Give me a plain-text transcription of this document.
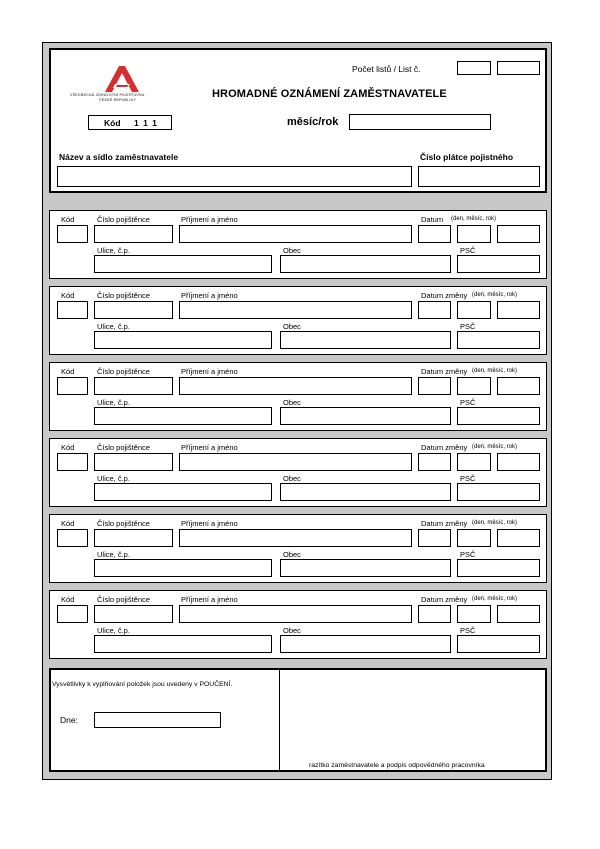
VŠEOBECNÁ ZDRAVOTNÍ POJIŠŤOVNA
ČESKÉ REPUBLIKY
Počet listů / List č.
HROMADNÉ OZNÁMENÍ ZAMĚSTNAVATELE
Kód 1 1 1	měsíc/rok
Název a sídlo zaměstnavatele	Číslo plátce pojistného
Kód	Číslo pojištěnce	Příjmení a jméno	Datum (den, měsíc, rok)
Ulice, č.p.	Obec	PSČ
Kód	Číslo pojištěnce	Příjmení a jméno	Datum změny (den, měsíc, rok)
Ulice, č.p.	Obec	PSČ
Kód	Číslo pojištěnce	Příjmení a jméno	Datum změny (den, měsíc, rok)
Ulice, č.p.	Obec	PSČ
Kód	Číslo pojištěnce	Příjmení a jméno	Datum změny (den, měsíc, rok)
Ulice, č.p.	Obec	PSČ
Kód	Číslo pojištěnce	Příjmení a jméno	Datum změny (den, měsíc, rok)
Ulice, č.p.	Obec	PSČ
Kód	Číslo pojištěnce	Příjmení a jméno	Datum změny (den, měsíc, rok)
Ulice, č.p.	Obec	PSČ
Vysvětlivky k vyplňování položek jsou uvedeny v POUČENÍ.
Dne:
razítko zaměstnavatele a podpis odpovědného pracovníka
